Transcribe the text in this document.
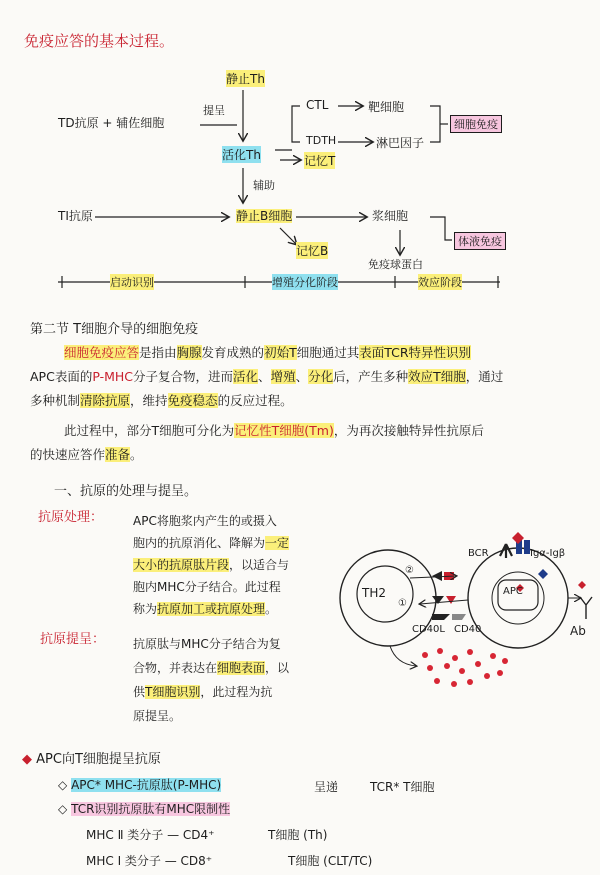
免疫应答的基本过程。
静止Th
TD抗原 + 辅佐细胞
提呈
活化Th
CTL	靶细胞
TDTH	淋巴因子
细胞免疫
记忆T
辅助
TI抗原	静止B细胞	浆细胞
体液免疫
记忆B
免疫球蛋白
启动识别	增殖分化阶段	效应阶段
第二节 T细胞介导的细胞免疫
细胞免疫应答是指由胸腺发育成熟的初始T细胞通过其表面TCR特异性识别
APC表面的P-MHC分子复合物，进而活化、增殖、分化后，产生多种效应T细胞，通过
多种机制清除抗原，维持免疫稳态的反应过程。
此过程中，部分T细胞可分化为记忆性T细胞(Tm)，为再次接触特异性抗原后
的快速应答作准备。
一、抗原的处理与提呈。
抗原处理： APC将胞浆内产生的或摄入
胞内的抗原消化、降解为一定
大小的抗原肽片段，以适合与
胞内MHC分子结合。此过程
称为抗原加工或抗原处理。
抗原提呈： 抗原肽与MHC分子结合为复
合物，并表达在细胞表面，以
供T细胞识别，此过程为抗
原提呈。
TH2
②
①
APC
BCR	Igα-Igβ
CD40L CD40	Ab
◆ APC向T细胞提呈抗原
◇ APC* MHC-抗原肽(P-MHC)	呈递	TCR* T细胞
◇ TCR识别抗原肽有MHC限制性
MHC Ⅱ 类分子 — CD4⁺	T细胞 (Th)
MHC Ⅰ 类分子 — CD8⁺	T细胞 (CLT/TC)
